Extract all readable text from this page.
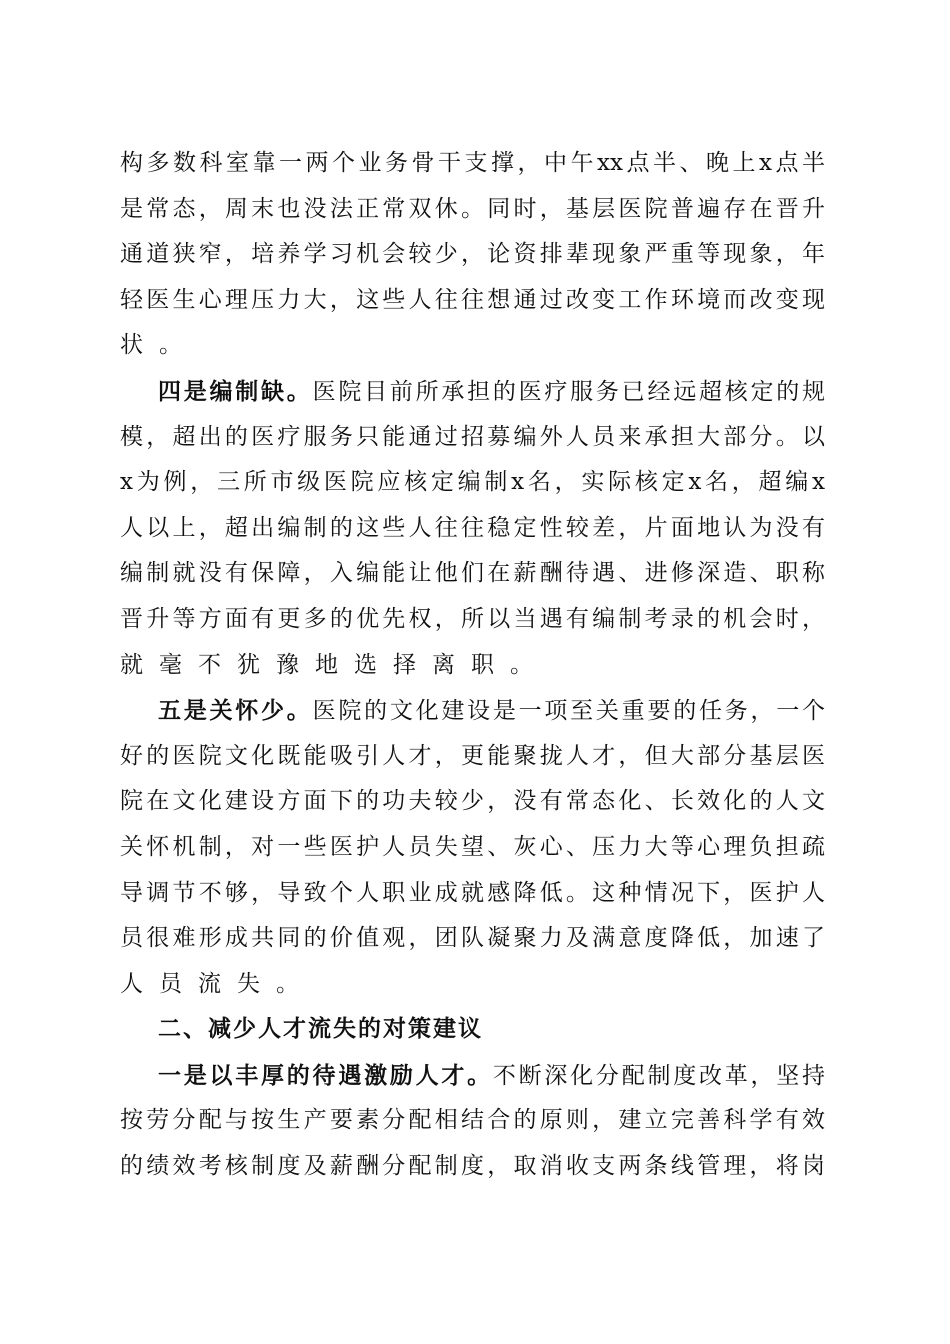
构多数科室靠一两个业务骨干支撑，中午xx点半、晚上x点半
是常态，周末也没法正常双休。同时，基层医院普遍存在晋升
通道狭窄，培养学习机会较少，论资排辈现象严重等现象，年
轻医生心理压力大，这些人往往想通过改变工作环境而改变现
状。
四是编制缺。医院目前所承担的医疗服务已经远超核定的规
模，超出的医疗服务只能通过招募编外人员来承担大部分。以
x为例，三所市级医院应核定编制x名，实际核定x名，超编x
人以上，超出编制的这些人往往稳定性较差，片面地认为没有
编制就没有保障，入编能让他们在薪酬待遇、进修深造、职称
晋升等方面有更多的优先权，所以当遇有编制考录的机会时，
就毫不犹豫地选择离职。
五是关怀少。医院的文化建设是一项至关重要的任务，一个
好的医院文化既能吸引人才，更能聚拢人才，但大部分基层医
院在文化建设方面下的功夫较少，没有常态化、长效化的人文
关怀机制，对一些医护人员失望、灰心、压力大等心理负担疏
导调节不够，导致个人职业成就感降低。这种情况下，医护人
员很难形成共同的价值观，团队凝聚力及满意度降低，加速了
人员流失。
二、减少人才流失的对策建议
一是以丰厚的待遇激励人才。不断深化分配制度改革，坚持
按劳分配与按生产要素分配相结合的原则，建立完善科学有效
的绩效考核制度及薪酬分配制度，取消收支两条线管理，将岗
